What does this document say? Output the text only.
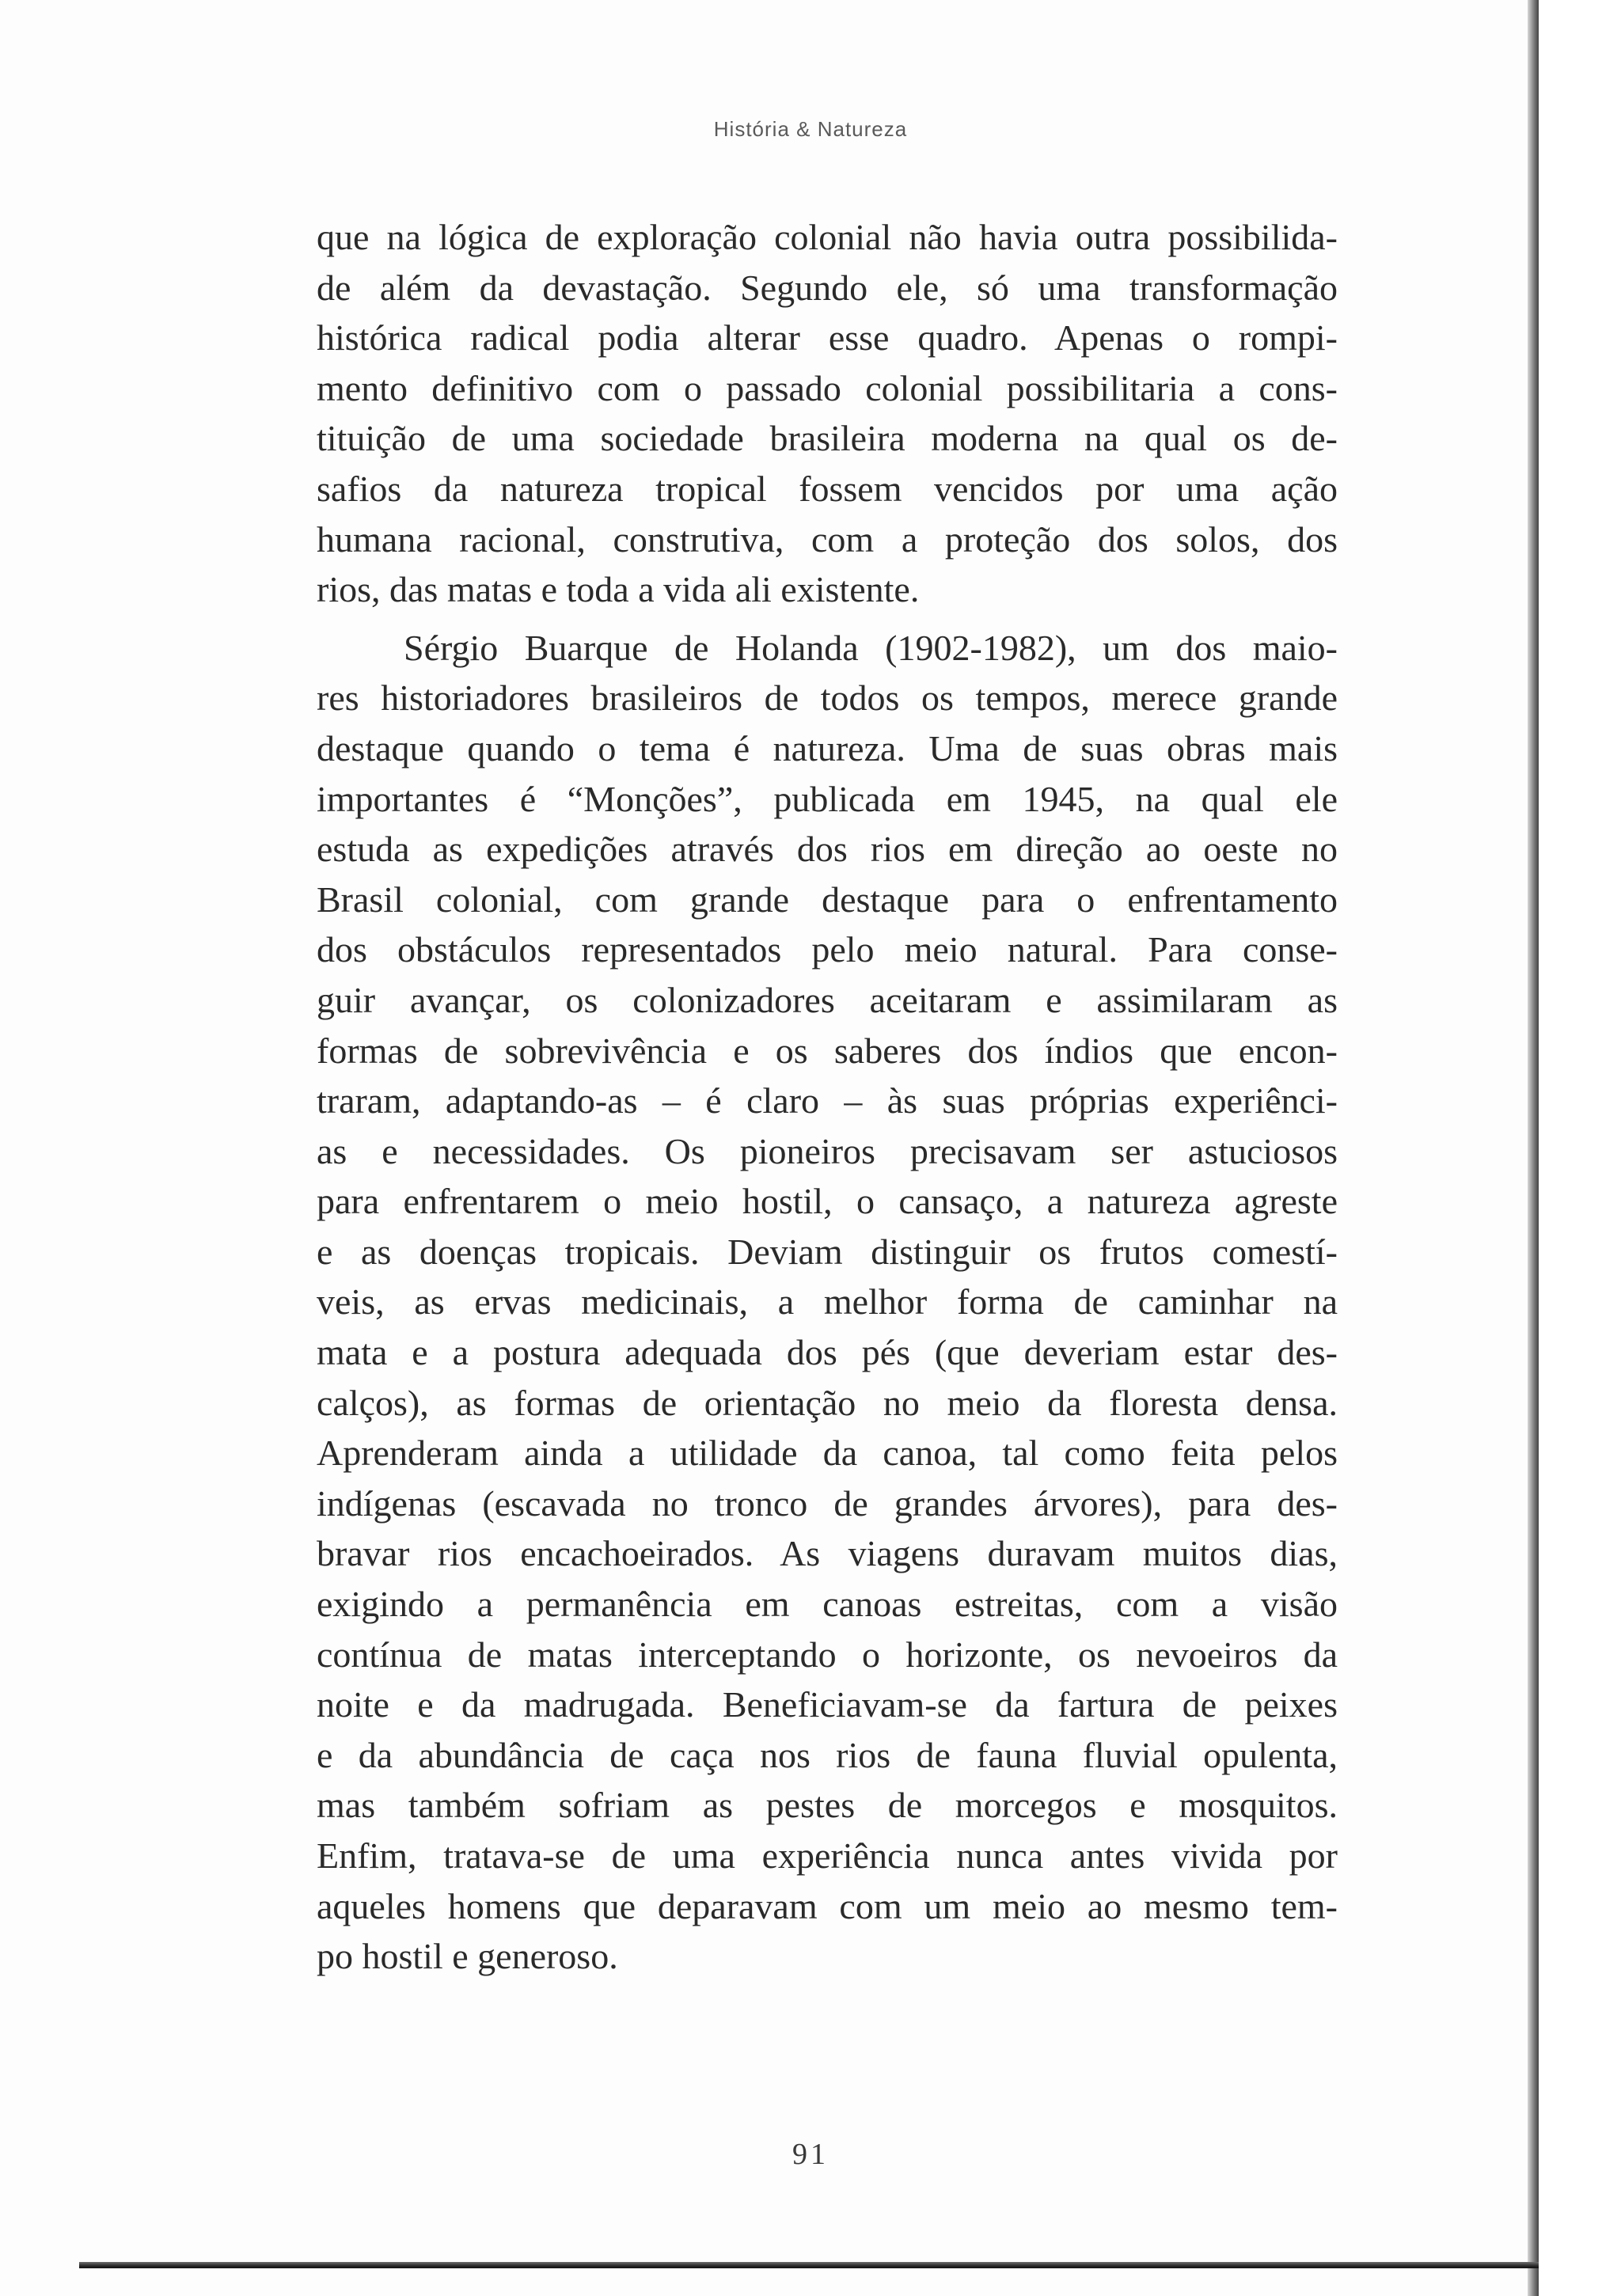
História & Natureza
que na lógica de exploração colonial não havia outra possibilida-
de além da devastação. Segundo ele, só uma transformação
histórica radical podia alterar esse quadro. Apenas o rompi-
mento definitivo com o passado colonial possibilitaria a cons-
tituição de uma sociedade brasileira moderna na qual os de-
safios da natureza tropical fossem vencidos por uma ação
humana racional, construtiva, com a proteção dos solos, dos
rios, das matas e toda a vida ali existente.
Sérgio Buarque de Holanda (1902-1982), um dos maio-
res historiadores brasileiros de todos os tempos, merece grande
destaque quando o tema é natureza. Uma de suas obras mais
importantes é “Monções”, publicada em 1945, na qual ele
estuda as expedições através dos rios em direção ao oeste no
Brasil colonial, com grande destaque para o enfrentamento
dos obstáculos representados pelo meio natural. Para conse-
guir avançar, os colonizadores aceitaram e assimilaram as
formas de sobrevivência e os saberes dos índios que encon-
traram, adaptando-as – é claro – às suas próprias experiênci-
as e necessidades. Os pioneiros precisavam ser astuciosos
para enfrentarem o meio hostil, o cansaço, a natureza agreste
e as doenças tropicais. Deviam distinguir os frutos comestí-
veis, as ervas medicinais, a melhor forma de caminhar na
mata e a postura adequada dos pés (que deveriam estar des-
calços), as formas de orientação no meio da floresta densa.
Aprenderam ainda a utilidade da canoa, tal como feita pelos
indígenas (escavada no tronco de grandes árvores), para des-
bravar rios encachoeirados. As viagens duravam muitos dias,
exigindo a permanência em canoas estreitas, com a visão
contínua de matas interceptando o horizonte, os nevoeiros da
noite e da madrugada. Beneficiavam-se da fartura de peixes
e da abundância de caça nos rios de fauna fluvial opulenta,
mas também sofriam as pestes de morcegos e mosquitos.
Enfim, tratava-se de uma experiência nunca antes vivida por
aqueles homens que deparavam com um meio ao mesmo tem-
po hostil e generoso.
91
